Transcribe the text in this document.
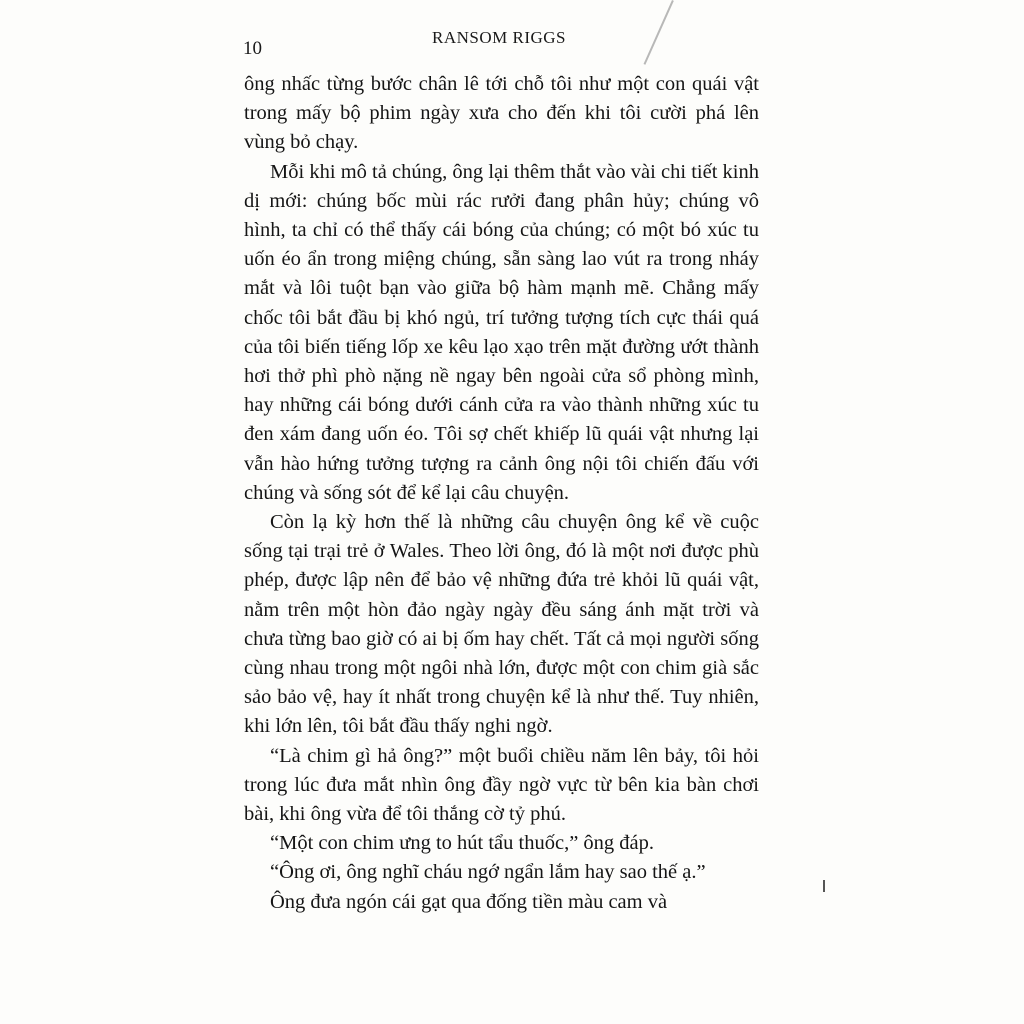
10
RANSOM RIGGS

ông nhấc từng bước chân lê tới chỗ tôi như một con quái vật trong mấy bộ phim ngày xưa cho đến khi tôi cười phá lên vùng bỏ chạy.

Mỗi khi mô tả chúng, ông lại thêm thắt vào vài chi tiết kinh dị mới: chúng bốc mùi rác rưởi đang phân hủy; chúng vô hình, ta chỉ có thể thấy cái bóng của chúng; có một bó xúc tu uốn éo ẩn trong miệng chúng, sẵn sàng lao vút ra trong nháy mắt và lôi tuột bạn vào giữa bộ hàm mạnh mẽ. Chẳng mấy chốc tôi bắt đầu bị khó ngủ, trí tưởng tượng tích cực thái quá của tôi biến tiếng lốp xe kêu lạo xạo trên mặt đường ướt thành hơi thở phì phò nặng nề ngay bên ngoài cửa sổ phòng mình, hay những cái bóng dưới cánh cửa ra vào thành những xúc tu đen xám đang uốn éo. Tôi sợ chết khiếp lũ quái vật nhưng lại vẫn hào hứng tưởng tượng ra cảnh ông nội tôi chiến đấu với chúng và sống sót để kể lại câu chuyện.

Còn lạ kỳ hơn thế là những câu chuyện ông kể về cuộc sống tại trại trẻ ở Wales. Theo lời ông, đó là một nơi được phù phép, được lập nên để bảo vệ những đứa trẻ khỏi lũ quái vật, nằm trên một hòn đảo ngày ngày đều sáng ánh mặt trời và chưa từng bao giờ có ai bị ốm hay chết. Tất cả mọi người sống cùng nhau trong một ngôi nhà lớn, được một con chim già sắc sảo bảo vệ, hay ít nhất trong chuyện kể là như thế. Tuy nhiên, khi lớn lên, tôi bắt đầu thấy nghi ngờ.

“Là chim gì hả ông?” một buổi chiều năm lên bảy, tôi hỏi trong lúc đưa mắt nhìn ông đầy ngờ vực từ bên kia bàn chơi bài, khi ông vừa để tôi thắng cờ tỷ phú.

“Một con chim ưng to hút tẩu thuốc,” ông đáp.

“Ông ơi, ông nghĩ cháu ngớ ngẩn lắm hay sao thế ạ.”

Ông đưa ngón cái gạt qua đống tiền màu cam và
